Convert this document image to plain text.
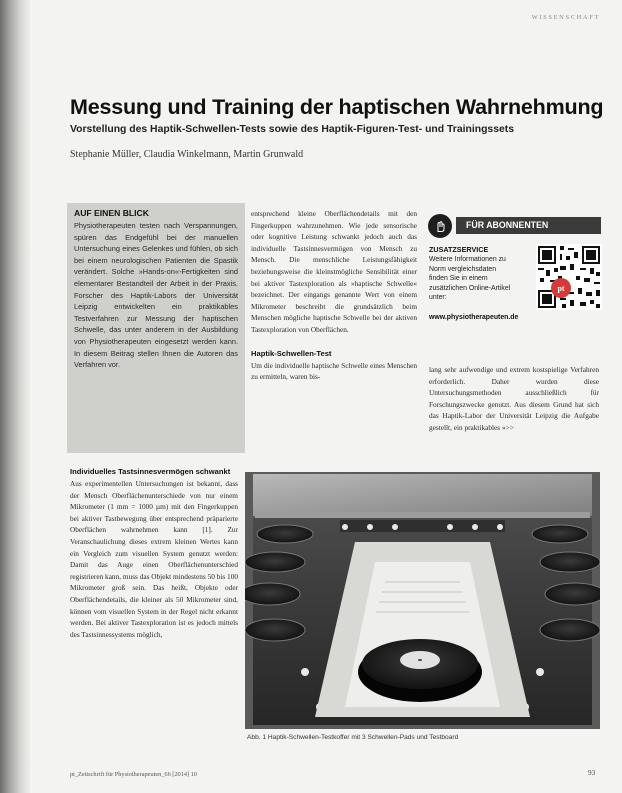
WISSENSCHAFT
Messung und Training der haptischen Wahrnehmung
Vorstellung des Haptik-Schwellen-Tests sowie des Haptik-Figuren-Test- und Trainingssets

Stephanie Müller, Claudia Winkelmann, Martin Grunwald

AUF EINEN BLICK

Physiotherapeuten testen nach Verspannungen, spüren das Endgefühl bei der manuellen Untersuchung eines Gelenkes und fühlen, ob sich bei einem neurologischen Patienten die Spastik verändert. Solche »Hands-on«-Fertigkeiten sind elementarer Bestandteil der Arbeit in der Praxis. Forscher des Haptik-Labors der Universität Leipzig entwickelten ein praktikables Testverfahren zur Messung der haptischen Schwelle, das unter anderem in der Ausbildung von Physiotherapeuten eingesetzt werden kann. In diesem Beitrag stellen Ihnen die Autoren das Verfahren vor.

Individuelles Tastsinnesvermögen schwankt

Aus experimentellen Untersuchungen ist bekannt, dass der Mensch Oberflächenunterschiede von nur einem Mikrometer (1 mm = 1000 µm) mit den Fingerkuppen bei aktiver Tastbewegung über entsprechend präparierte Oberflächen wahrnehmen kann [1]. Zur Veranschaulichung dieses extrem kleinen Wertes kann ein Vergleich zum visuellen System genutzt werden: Damit das Auge einen Oberflächenunterschied registrieren kann, muss das Objekt mindestens 50 bis 100 Mikrometer groß sein. Das heißt, Objekte oder Oberflächendetails, die kleiner als 50 Mikrometer sind, können vom visuellen System in der Regel nicht erkannt werden. Bei aktiver Tastexploration ist es jedoch mittels des Tastsinnessystems möglich,

entsprechend kleine Oberflächendetails mit den Fingerkuppen wahrzunehmen. Wie jede sensorische oder kognitive Leistung schwankt jedoch auch das individuelle Tastsinnesvermögen von Mensch zu Mensch. Die menschliche Leistungsfähigkeit beziehungsweise die kleinstmögliche Sensibilität einer bei aktiver Tastexploration als »haptische Schwelle« bezeichnet. Der eingangs genannte Wert von einem Mikrometer beschreibt die grundsätzlich beim Menschen mögliche haptische Schwelle bei der aktiven Tastexploration von Oberflächen.

Haptik-Schwellen-Test

Um die individuelle haptische Schwelle eines Menschen zu ermitteln, waren bis-

lang sehr aufwendige und extrem kostspielige Verfahren erforderlich. Daher wurden diese Untersuchungsmethoden ausschließlich für Forschungszwecke genutzt. Aus diesem Grund hat sich das Haptik-Labor der Universität Leipzig die Aufgabe gestellt, ein praktikables »>>

FÜR ABONNENTEN
ZUSATZSERVICE
Weitere Informationen zu Norm vergleichsdaten finden Sie in einem zusätzlichen Online-Artikel unter:
www.physiotherapeuten.de
pt
Abb. 1 Haptik-Schwellen-Testkoffer mit 3 Schwellen-Pads und Testboard
pt_Zeitschrift für Physiotherapeuten_66 [2014] 10	93
